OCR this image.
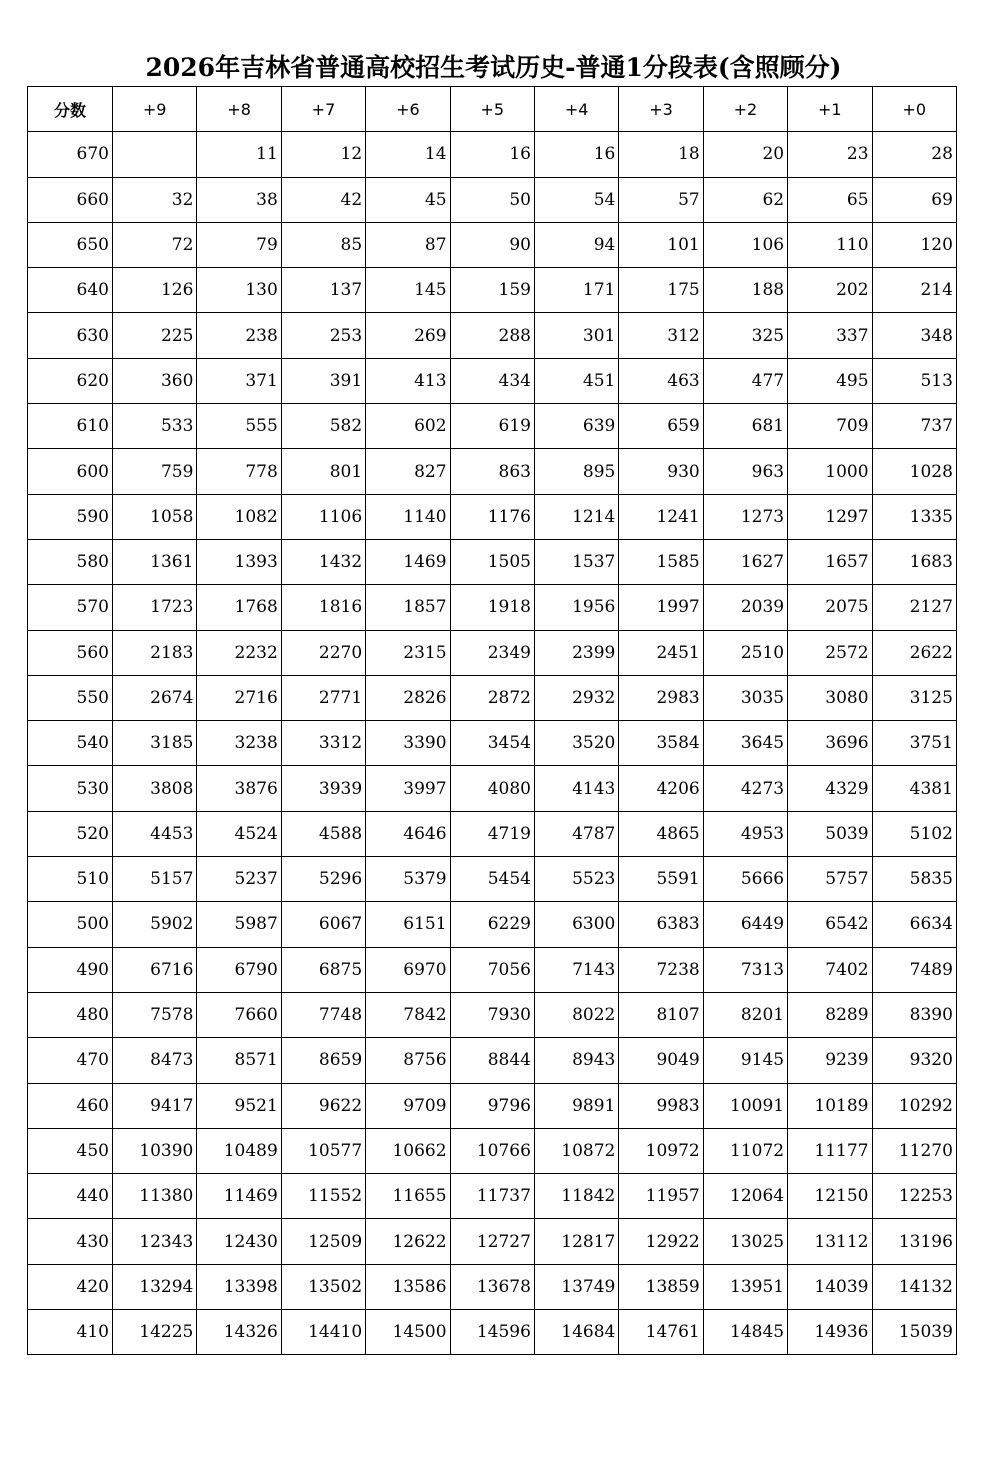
2026年吉林省普通高校招生考试历史-普通1分段表(含照顾分)
分数	+9	+8	+7	+6	+5	+4	+3	+2	+1	+0
670		11	12	14	16	16	18	20	23	28
660	32	38	42	45	50	54	57	62	65	69
650	72	79	85	87	90	94	101	106	110	120
640	126	130	137	145	159	171	175	188	202	214
630	225	238	253	269	288	301	312	325	337	348
620	360	371	391	413	434	451	463	477	495	513
610	533	555	582	602	619	639	659	681	709	737
600	759	778	801	827	863	895	930	963	1000	1028
590	1058	1082	1106	1140	1176	1214	1241	1273	1297	1335
580	1361	1393	1432	1469	1505	1537	1585	1627	1657	1683
570	1723	1768	1816	1857	1918	1956	1997	2039	2075	2127
560	2183	2232	2270	2315	2349	2399	2451	2510	2572	2622
550	2674	2716	2771	2826	2872	2932	2983	3035	3080	3125
540	3185	3238	3312	3390	3454	3520	3584	3645	3696	3751
530	3808	3876	3939	3997	4080	4143	4206	4273	4329	4381
520	4453	4524	4588	4646	4719	4787	4865	4953	5039	5102
510	5157	5237	5296	5379	5454	5523	5591	5666	5757	5835
500	5902	5987	6067	6151	6229	6300	6383	6449	6542	6634
490	6716	6790	6875	6970	7056	7143	7238	7313	7402	7489
480	7578	7660	7748	7842	7930	8022	8107	8201	8289	8390
470	8473	8571	8659	8756	8844	8943	9049	9145	9239	9320
460	9417	9521	9622	9709	9796	9891	9983	10091	10189	10292
450	10390	10489	10577	10662	10766	10872	10972	11072	11177	11270
440	11380	11469	11552	11655	11737	11842	11957	12064	12150	12253
430	12343	12430	12509	12622	12727	12817	12922	13025	13112	13196
420	13294	13398	13502	13586	13678	13749	13859	13951	14039	14132
410	14225	14326	14410	14500	14596	14684	14761	14845	14936	15039
